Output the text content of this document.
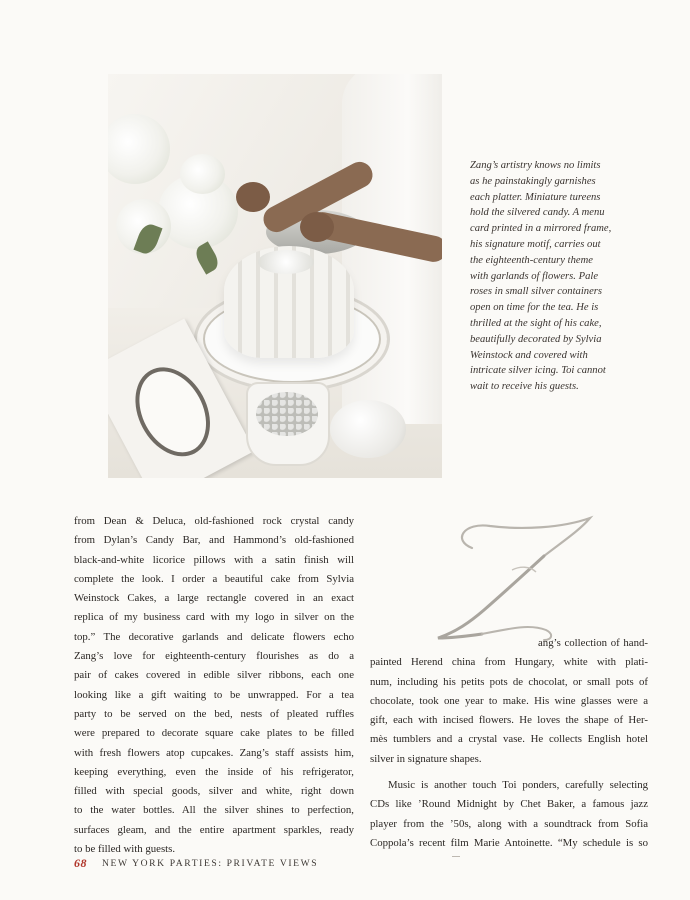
Zang’s artistry knows no limits
as he painstakingly garnishes
each platter. Miniature tureens
hold the silvered candy. A menu
card printed in a mirrored frame,
his signature motif, carries out
the eighteenth-century theme
with garlands of flowers. Pale
roses in small silver containers
open on time for the tea. He is
thrilled at the sight of his cake,
beautifully decorated by Sylvia
Weinstock and covered with
intricate silver icing. Toi cannot
wait to receive his guests.
from Dean & Deluca, old-fashioned rock crystal candy
from Dylan’s Candy Bar, and Hammond’s old-fashioned
black-and-white licorice pillows with a satin finish will
complete the look. I order a beautiful cake from Sylvia
Weinstock Cakes, a large rectangle covered in an exact
replica of my business card with my logo in silver on the
top.” The decorative garlands and delicate flowers echo
Zang’s love for eighteenth-century flourishes as do a
pair of cakes covered in edible silver ribbons, each one
looking like a gift waiting to be unwrapped. For a tea
party to be served on the bed, nests of pleated ruffles
were prepared to decorate square cake plates to be filled
with fresh flowers atop cupcakes. Zang’s staff assists him,
keeping everything, even the inside of his refrigerator,
filled with special goods, silver and white, right down
to the water bottles. All the silver shines to perfection,
surfaces gleam, and the entire apartment sparkles, ready
to be filled with guests.
ang’s collection of hand-
painted Herend china from Hungary, white with plati-
num, including his petits pots de chocolat, or small pots of
chocolate, took one year to make. His wine glasses were a
gift, each with incised flowers. He loves the shape of Her-
mès tumblers and a crystal vase. He collects English hotel
silver in signature shapes.
Music is another touch Toi ponders, carefully selecting
CDs like ’Round Midnight by Chet Baker, a famous jazz
player from the ’50s, along with a soundtrack from Sofia
Coppola’s recent film Marie Antoinette. “My schedule is so
68 NEW YORK PARTIES: PRIVATE VIEWS
